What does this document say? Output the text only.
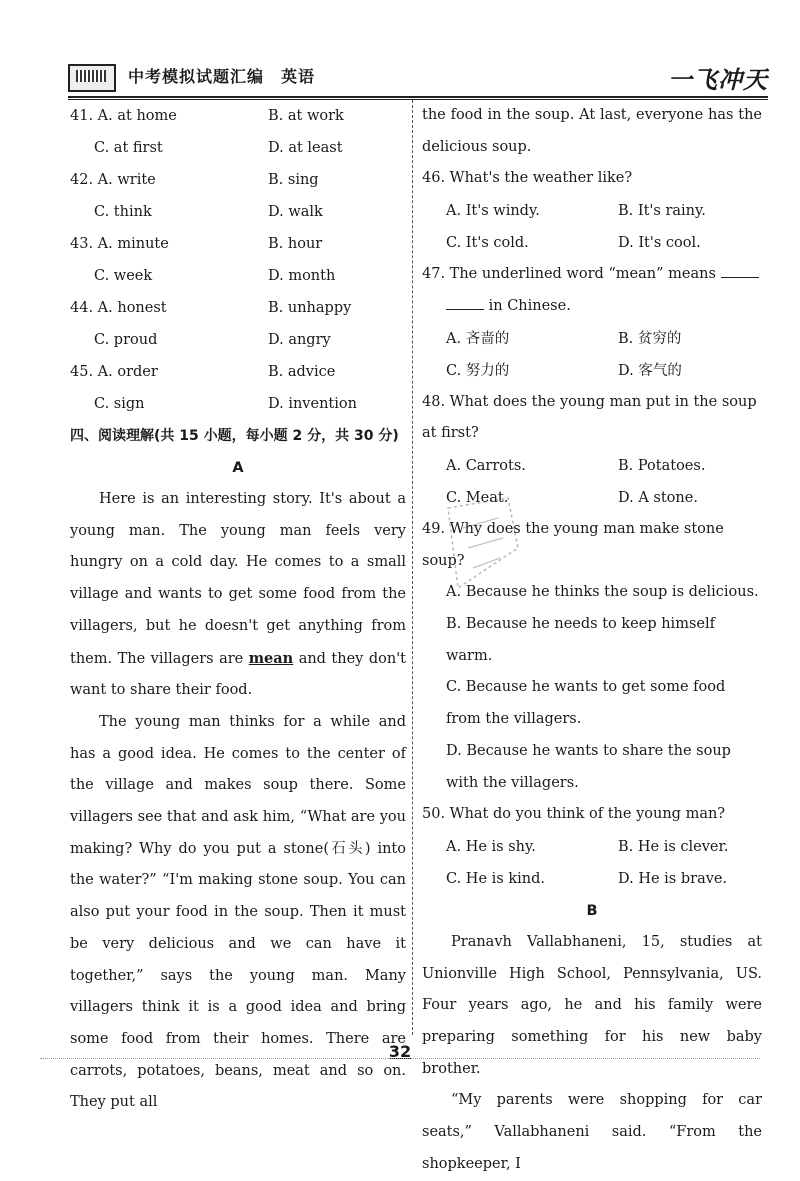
中考模拟试题汇编　英语	一飞冲天
41. A. at home	B. at work
C. at first	D. at least
42. A. write	B. sing
C. think	D. walk
43. A. minute	B. hour
C. week	D. month
44. A. honest	B. unhappy
C. proud	D. angry
45. A. order	B. advice
C. sign	D. invention
四、阅读理解(共 15 小题，每小题 2 分，共 30 分)
A

Here is an interesting story. It's about a young man. The young man feels very hungry on a cold day. He comes to a small village and wants to get some food from the villagers, but he doesn't get anything from them. The villagers are mean and they don't want to share their food.

The young man thinks for a while and has a good idea. He comes to the center of the village and makes soup there. Some villagers see that and ask him, “What are you making? Why do you put a stone(石头) into the water?” “I'm making stone soup. You can also put your food in the soup. Then it must be very delicious and we can have it together,” says the young man. Many villagers think it is a good idea and bring some food from their homes. There are carrots, potatoes, beans, meat and so on. They put all

the food in the soup. At last, everyone has the delicious soup.

46. What's the weather like?

A. It's windy.	B. It's rainy.
C. It's cold.	D. It's cool.

47. The underlined word “mean” means

in Chinese.

A. 吝啬的	B. 贫穷的
C. 努力的	D. 客气的

48. What does the young man put in the soup at first?

A. Carrots.	B. Potatoes.
C. Meat.	D. A stone.

49. Why does the young man make stone soup?

A. Because he thinks the soup is delicious.

B. Because he needs to keep himself warm.

C. Because he wants to get some food from the villagers.

D. Because he wants to share the soup with the villagers.

50. What do you think of the young man?

A. He is shy.	B. He is clever.
C. He is kind.	D. He is brave.
B

Pranavh Vallabhaneni, 15, studies at Unionville High School, Pennsylvania, US. Four years ago, he and his family were preparing something for his new baby brother.

“My parents were shopping for car seats,” Vallabhaneni said. “From the shopkeeper, I

32
